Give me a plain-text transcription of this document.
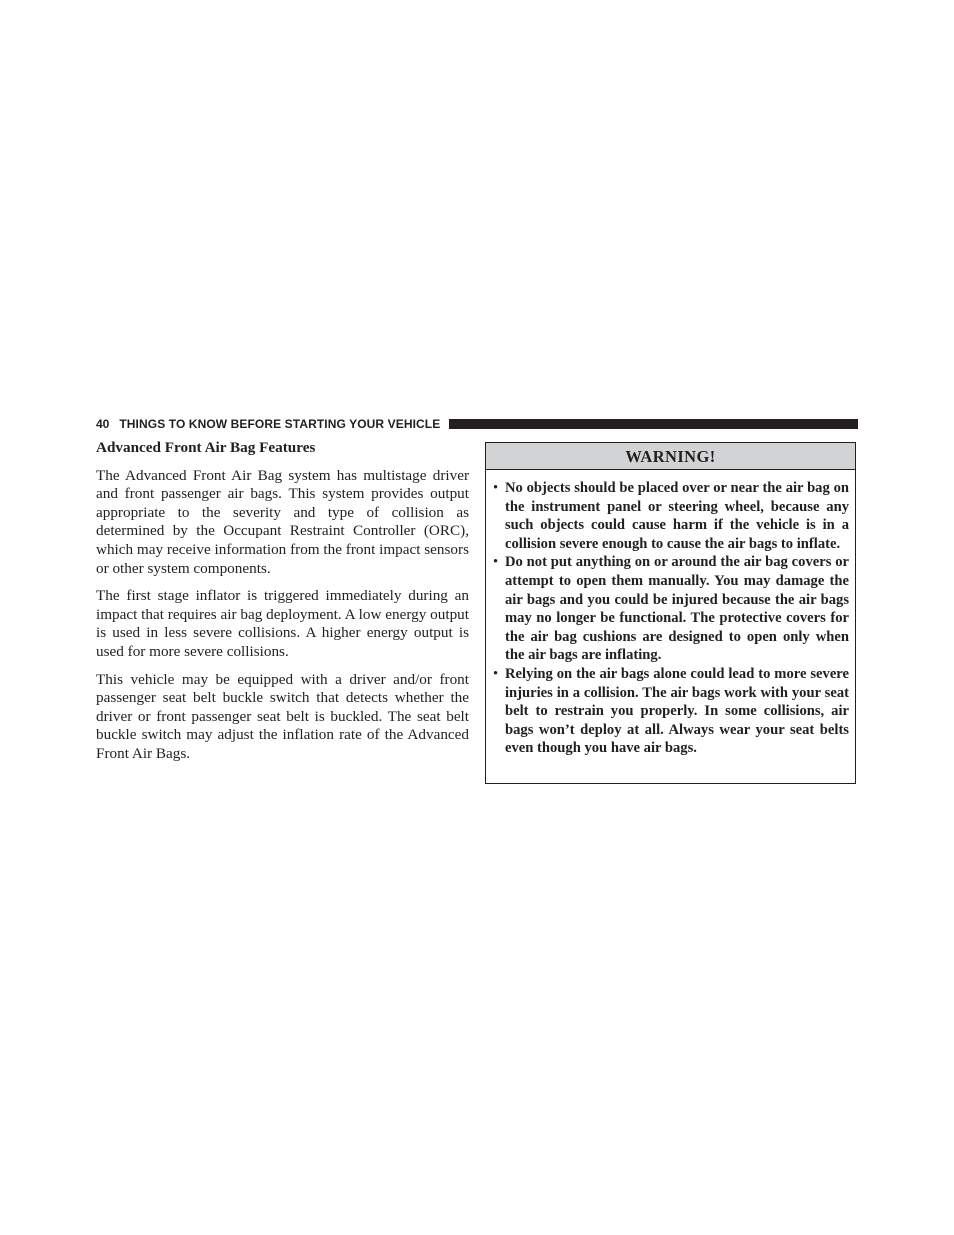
40 THINGS TO KNOW BEFORE STARTING YOUR VEHICLE
Advanced Front Air Bag Features

The Advanced Front Air Bag system has multistage driver and front passenger air bags. This system provides output appropriate to the severity and type of collision as determined by the Occupant Restraint Controller (ORC), which may receive information from the front impact sensors or other system components.

The first stage inflator is triggered immediately during an impact that requires air bag deployment. A low energy output is used in less severe collisions. A higher energy output is used for more severe collisions.

This vehicle may be equipped with a driver and/or front passenger seat belt buckle switch that detects whether the driver or front passenger seat belt is buckled. The seat belt buckle switch may adjust the inflation rate of the Advanced Front Air Bags.

WARNING!
• No objects should be placed over or near the air bag on the instrument panel or steering wheel, because any such objects could cause harm if the vehicle is in a collision severe enough to cause the air bags to inflate.
• Do not put anything on or around the air bag covers or attempt to open them manually. You may damage the air bags and you could be injured because the air bags may no longer be functional. The protective covers for the air bag cushions are designed to open only when the air bags are inflating.
• Relying on the air bags alone could lead to more severe injuries in a collision. The air bags work with your seat belt to restrain you properly. In some collisions, air bags won’t deploy at all. Always wear your seat belts even though you have air bags.
